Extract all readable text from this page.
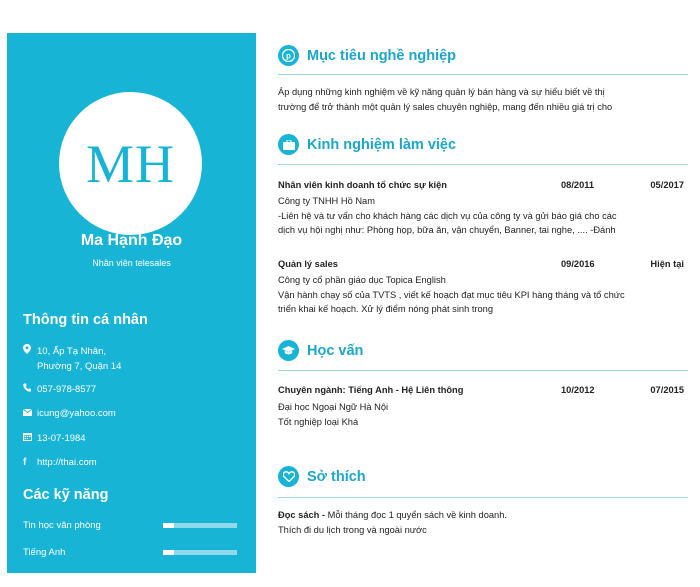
MH
Ma Hạnh Đạo
Nhân viên telesales
Thông tin cá nhân
10, Ấp Tạ Nhân,
Phường 7, Quận 14
057-978-8577
icung@yahoo.com
13-07-1984
f	http://thai.com
Các kỹ năng
Tin học văn phòng
Tiếng Anh
p Mục tiêu nghề nghiệp
Áp dụng những kinh nghiệm về kỹ năng quản lý bán hàng và sự hiểu biết về thị
trường để trở thành một quản lý sales chuyên nghiệp, mang đến nhiều giá trị cho
Kinh nghiệm làm việc
Nhân viên kinh doanh tổ chức sự kiện	08/2011	05/2017
Công ty TNHH Hồ Nam
-Liên hệ và tư vấn cho khách hàng các dịch vụ của công ty và gửi báo giá cho các
dịch vụ hội nghị như: Phòng họp, bữa ăn, vận chuyển, Banner, tai nghe, .... -Đánh
Quản lý sales	09/2016	Hiện tại
Công ty cổ phần giáo dục Topica English
Vận hành chạy số của TVTS , viết kế hoạch đạt mục tiêu KPI hàng tháng và tổ chức
triển khai kế hoạch. Xử lý điểm nóng phát sinh trong
Học vấn
Chuyên ngành: Tiếng Anh - Hệ Liên thông	10/2012	07/2015
Đại học Ngoại Ngữ Hà Nội
Tốt nghiệp loại Khá
Sở thích
Đọc sách - Mỗi tháng đọc 1 quyển sách về kinh doanh.
Thích đi du lịch trong và ngoài nước
